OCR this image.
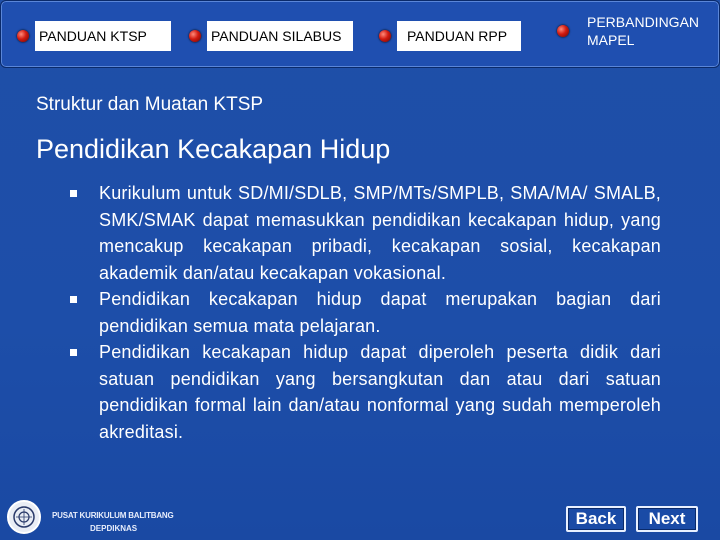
PANDUAN KTSP	PANDUAN SILABUS	PANDUAN RPP
PERBANDINGAN MAPEL
Struktur dan Muatan KTSP
Pendidikan Kecakapan Hidup
Kurikulum untuk SD/MI/SDLB, SMP/MTs/SMPLB, SMA/MA/ SMALB, SMK/SMAK dapat memasukkan pendidikan kecakapan hidup, yang mencakup kecakapan pribadi, kecakapan sosial, kecakapan akademik dan/atau kecakapan vokasional.
Pendidikan kecakapan hidup dapat merupakan bagian dari pendidikan semua mata pelajaran.
Pendidikan kecakapan hidup dapat diperoleh peserta didik dari satuan pendidikan yang bersangkutan dan atau dari satuan pendidikan formal lain dan/atau nonformal yang sudah memperoleh akreditasi.
PUSAT KURIKULUM BALITBANG
DEPDIKNAS
Back	Next
